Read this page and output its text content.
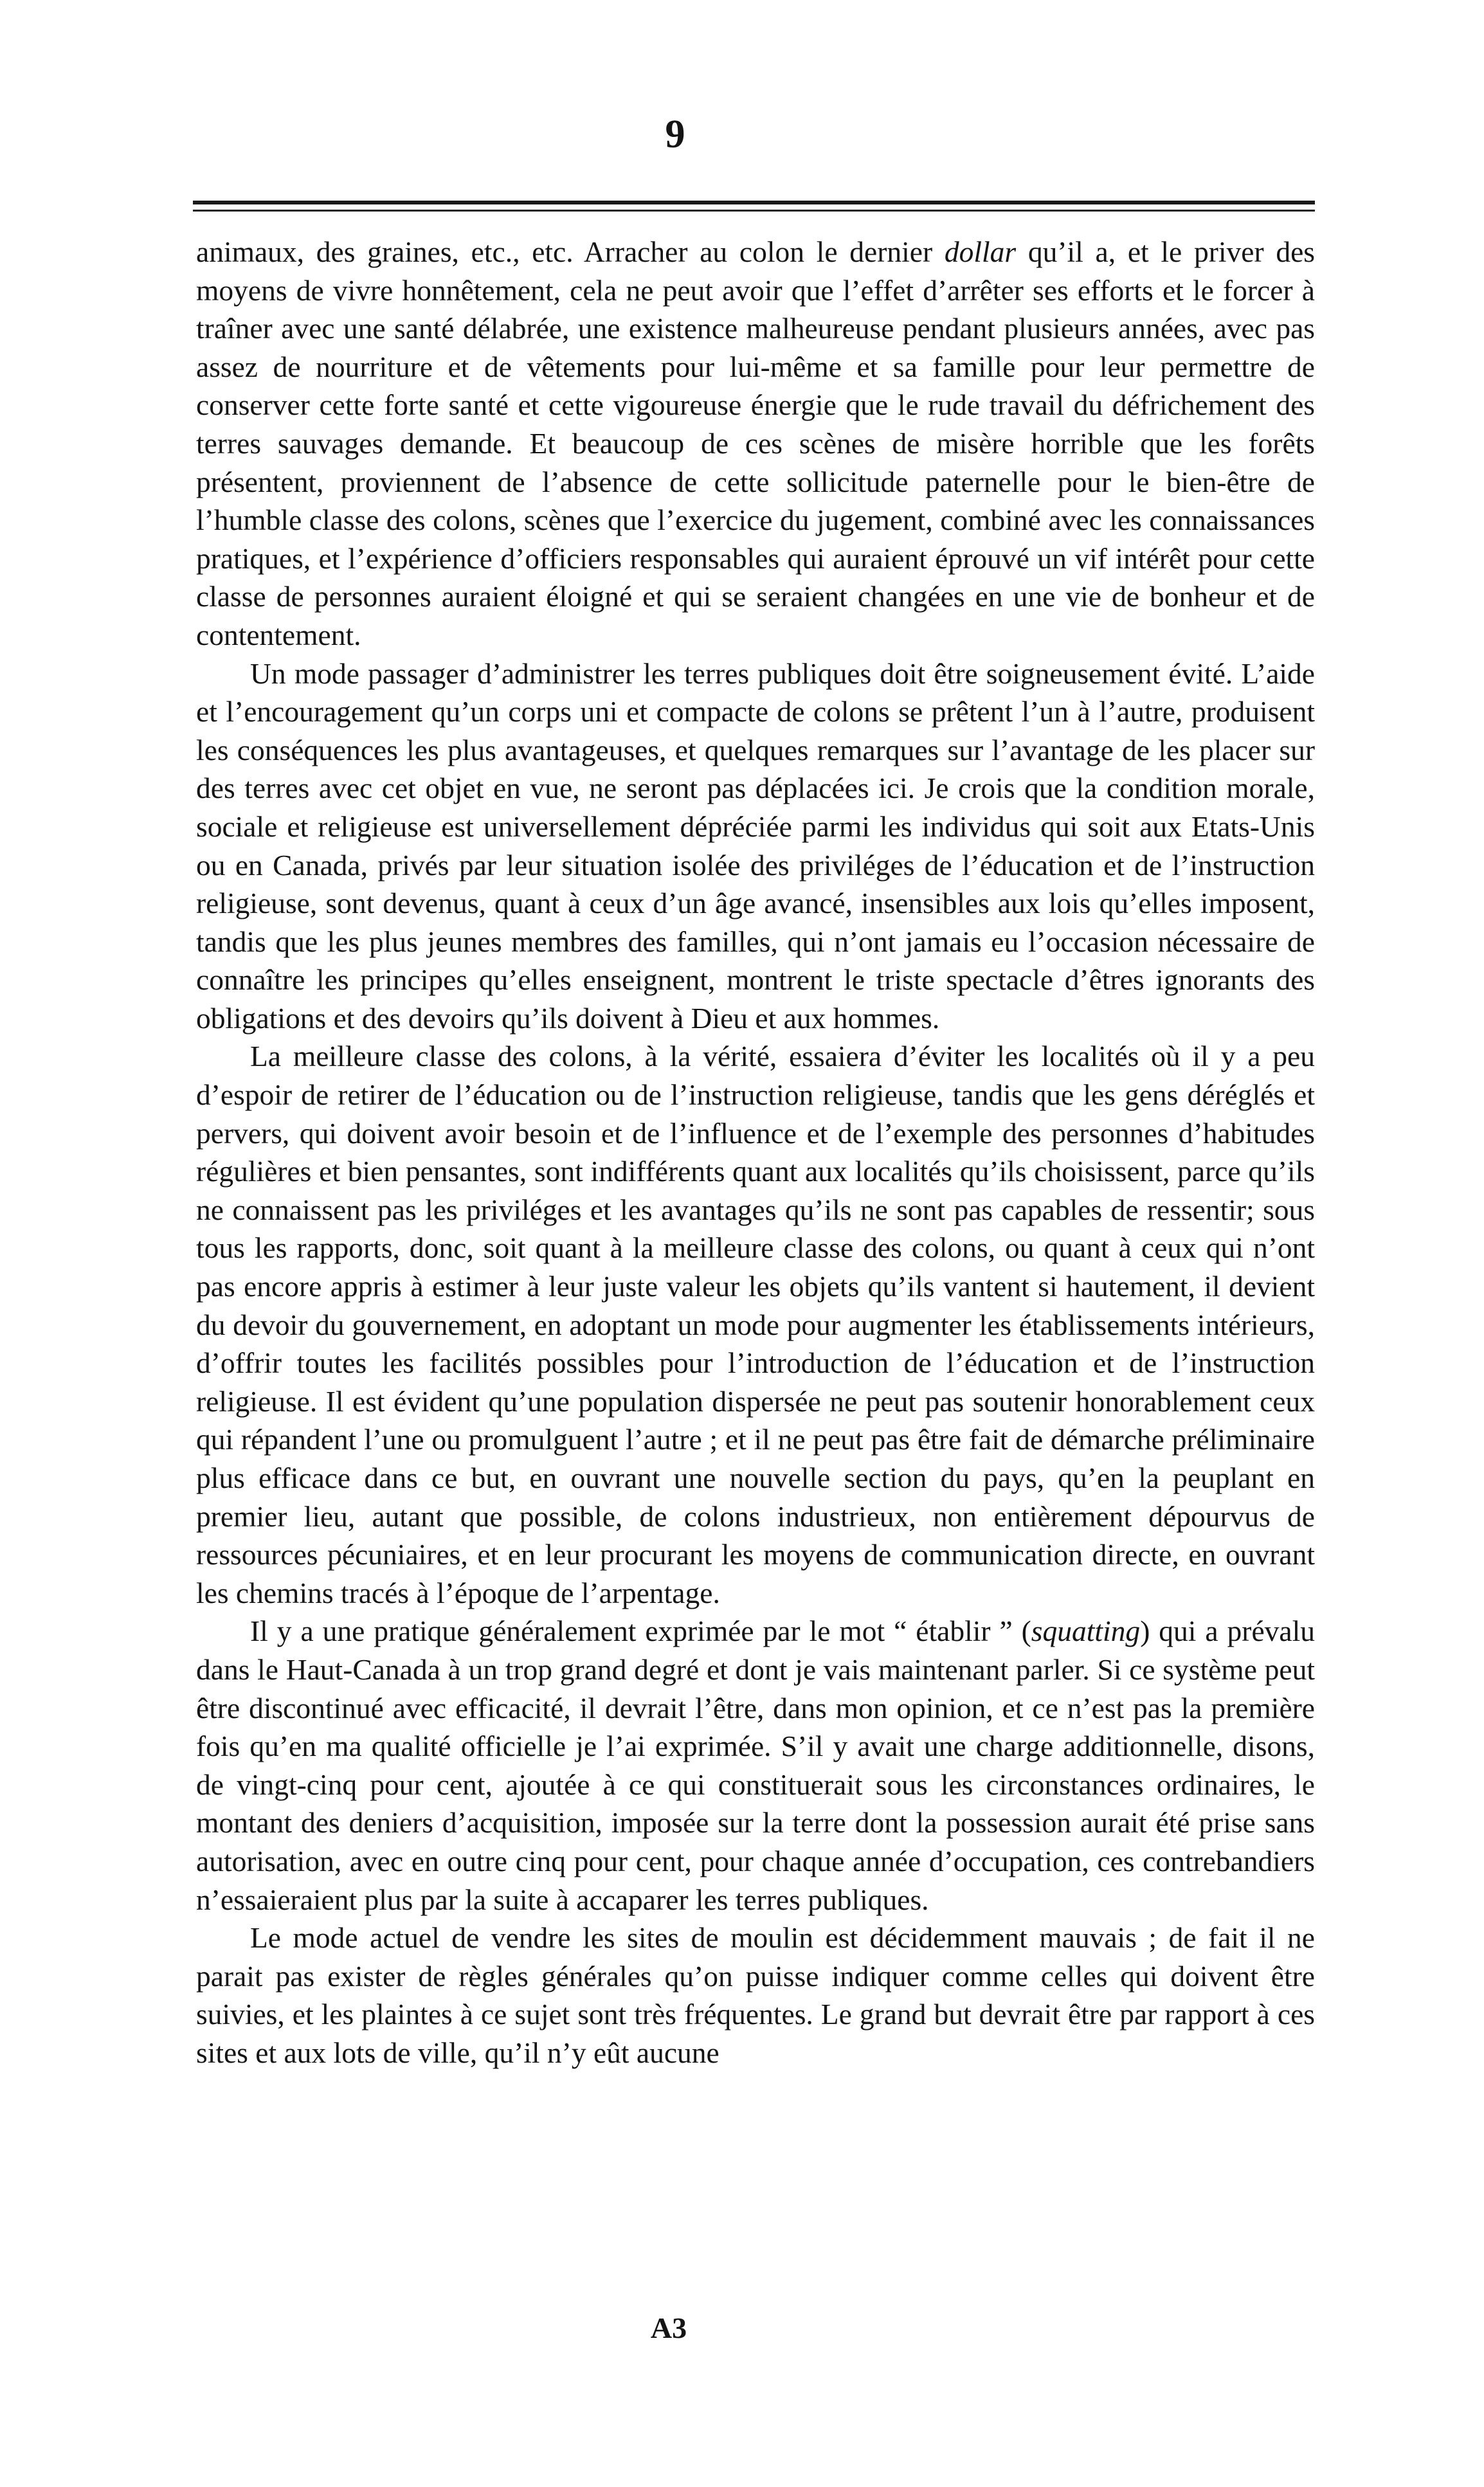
9

animaux, des graines, etc., etc. Arracher au colon le dernier dollar qu’il a, et le priver des moyens de vivre honnêtement, cela ne peut avoir que l’effet d’arrêter ses efforts et le forcer à traîner avec une santé délabrée, une existence malheureuse pendant plusieurs années, avec pas assez de nourriture et de vêtements pour lui-même et sa famille pour leur permettre de conserver cette forte santé et cette vigoureuse énergie que le rude travail du défrichement des terres sauvages demande. Et beaucoup de ces scènes de misère horrible que les forêts présentent, proviennent de l’absence de cette sollicitude paternelle pour le bien-être de l’humble classe des colons, scènes que l’exercice du jugement, combiné avec les connaissances pratiques, et l’expérience d’officiers responsables qui auraient éprouvé un vif intérêt pour cette classe de personnes auraient éloigné et qui se seraient changées en une vie de bonheur et de contentement.

Un mode passager d’administrer les terres publiques doit être soigneusement évité. L’aide et l’encouragement qu’un corps uni et compacte de colons se prêtent l’un à l’autre, produisent les conséquences les plus avantageuses, et quelques remarques sur l’avantage de les placer sur des terres avec cet objet en vue, ne seront pas déplacées ici. Je crois que la condition morale, sociale et religieuse est universellement dépréciée parmi les individus qui soit aux Etats-Unis ou en Canada, privés par leur situation isolée des priviléges de l’éducation et de l’instruction religieuse, sont devenus, quant à ceux d’un âge avancé, insensibles aux lois qu’elles imposent, tandis que les plus jeunes membres des familles, qui n’ont jamais eu l’occasion nécessaire de connaître les principes qu’elles enseignent, montrent le triste spectacle d’êtres ignorants des obligations et des devoirs qu’ils doivent à Dieu et aux hommes.

La meilleure classe des colons, à la vérité, essaiera d’éviter les localités où il y a peu d’espoir de retirer de l’éducation ou de l’instruction religieuse, tandis que les gens déréglés et pervers, qui doivent avoir besoin et de l’influence et de l’exemple des personnes d’habitudes régulières et bien pensantes, sont indifférents quant aux localités qu’ils choisissent, parce qu’ils ne connaissent pas les priviléges et les avantages qu’ils ne sont pas capables de ressentir; sous tous les rapports, donc, soit quant à la meilleure classe des colons, ou quant à ceux qui n’ont pas encore appris à estimer à leur juste valeur les objets qu’ils vantent si hautement, il devient du devoir du gouvernement, en adoptant un mode pour augmenter les établissements intérieurs, d’offrir toutes les facilités possibles pour l’introduction de l’éducation et de l’instruction religieuse. Il est évident qu’une population dispersée ne peut pas soutenir honorablement ceux qui répandent l’une ou promulguent l’autre ; et il ne peut pas être fait de démarche préliminaire plus efficace dans ce but, en ouvrant une nouvelle section du pays, qu’en la peuplant en premier lieu, autant que possible, de colons industrieux, non entièrement dépourvus de ressources pécuniaires, et en leur procurant les moyens de communication directe, en ouvrant les chemins tracés à l’époque de l’arpentage.

Il y a une pratique généralement exprimée par le mot “ établir ” (squatting) qui a prévalu dans le Haut-Canada à un trop grand degré et dont je vais maintenant parler. Si ce système peut être discontinué avec efficacité, il devrait l’être, dans mon opinion, et ce n’est pas la première fois qu’en ma qualité officielle je l’ai exprimée. S’il y avait une charge additionnelle, disons, de vingt-cinq pour cent, ajoutée à ce qui constituerait sous les circonstances ordinaires, le montant des deniers d’acquisition, imposée sur la terre dont la possession aurait été prise sans autorisation, avec en outre cinq pour cent, pour chaque année d’occupation, ces contrebandiers n’essaieraient plus par la suite à accaparer les terres publiques.

Le mode actuel de vendre les sites de moulin est décidemment mauvais ; de fait il ne parait pas exister de règles générales qu’on puisse indiquer comme celles qui doivent être suivies, et les plaintes à ce sujet sont très fréquentes. Le grand but devrait être par rapport à ces sites et aux lots de ville, qu’il n’y eût aucune

A3
